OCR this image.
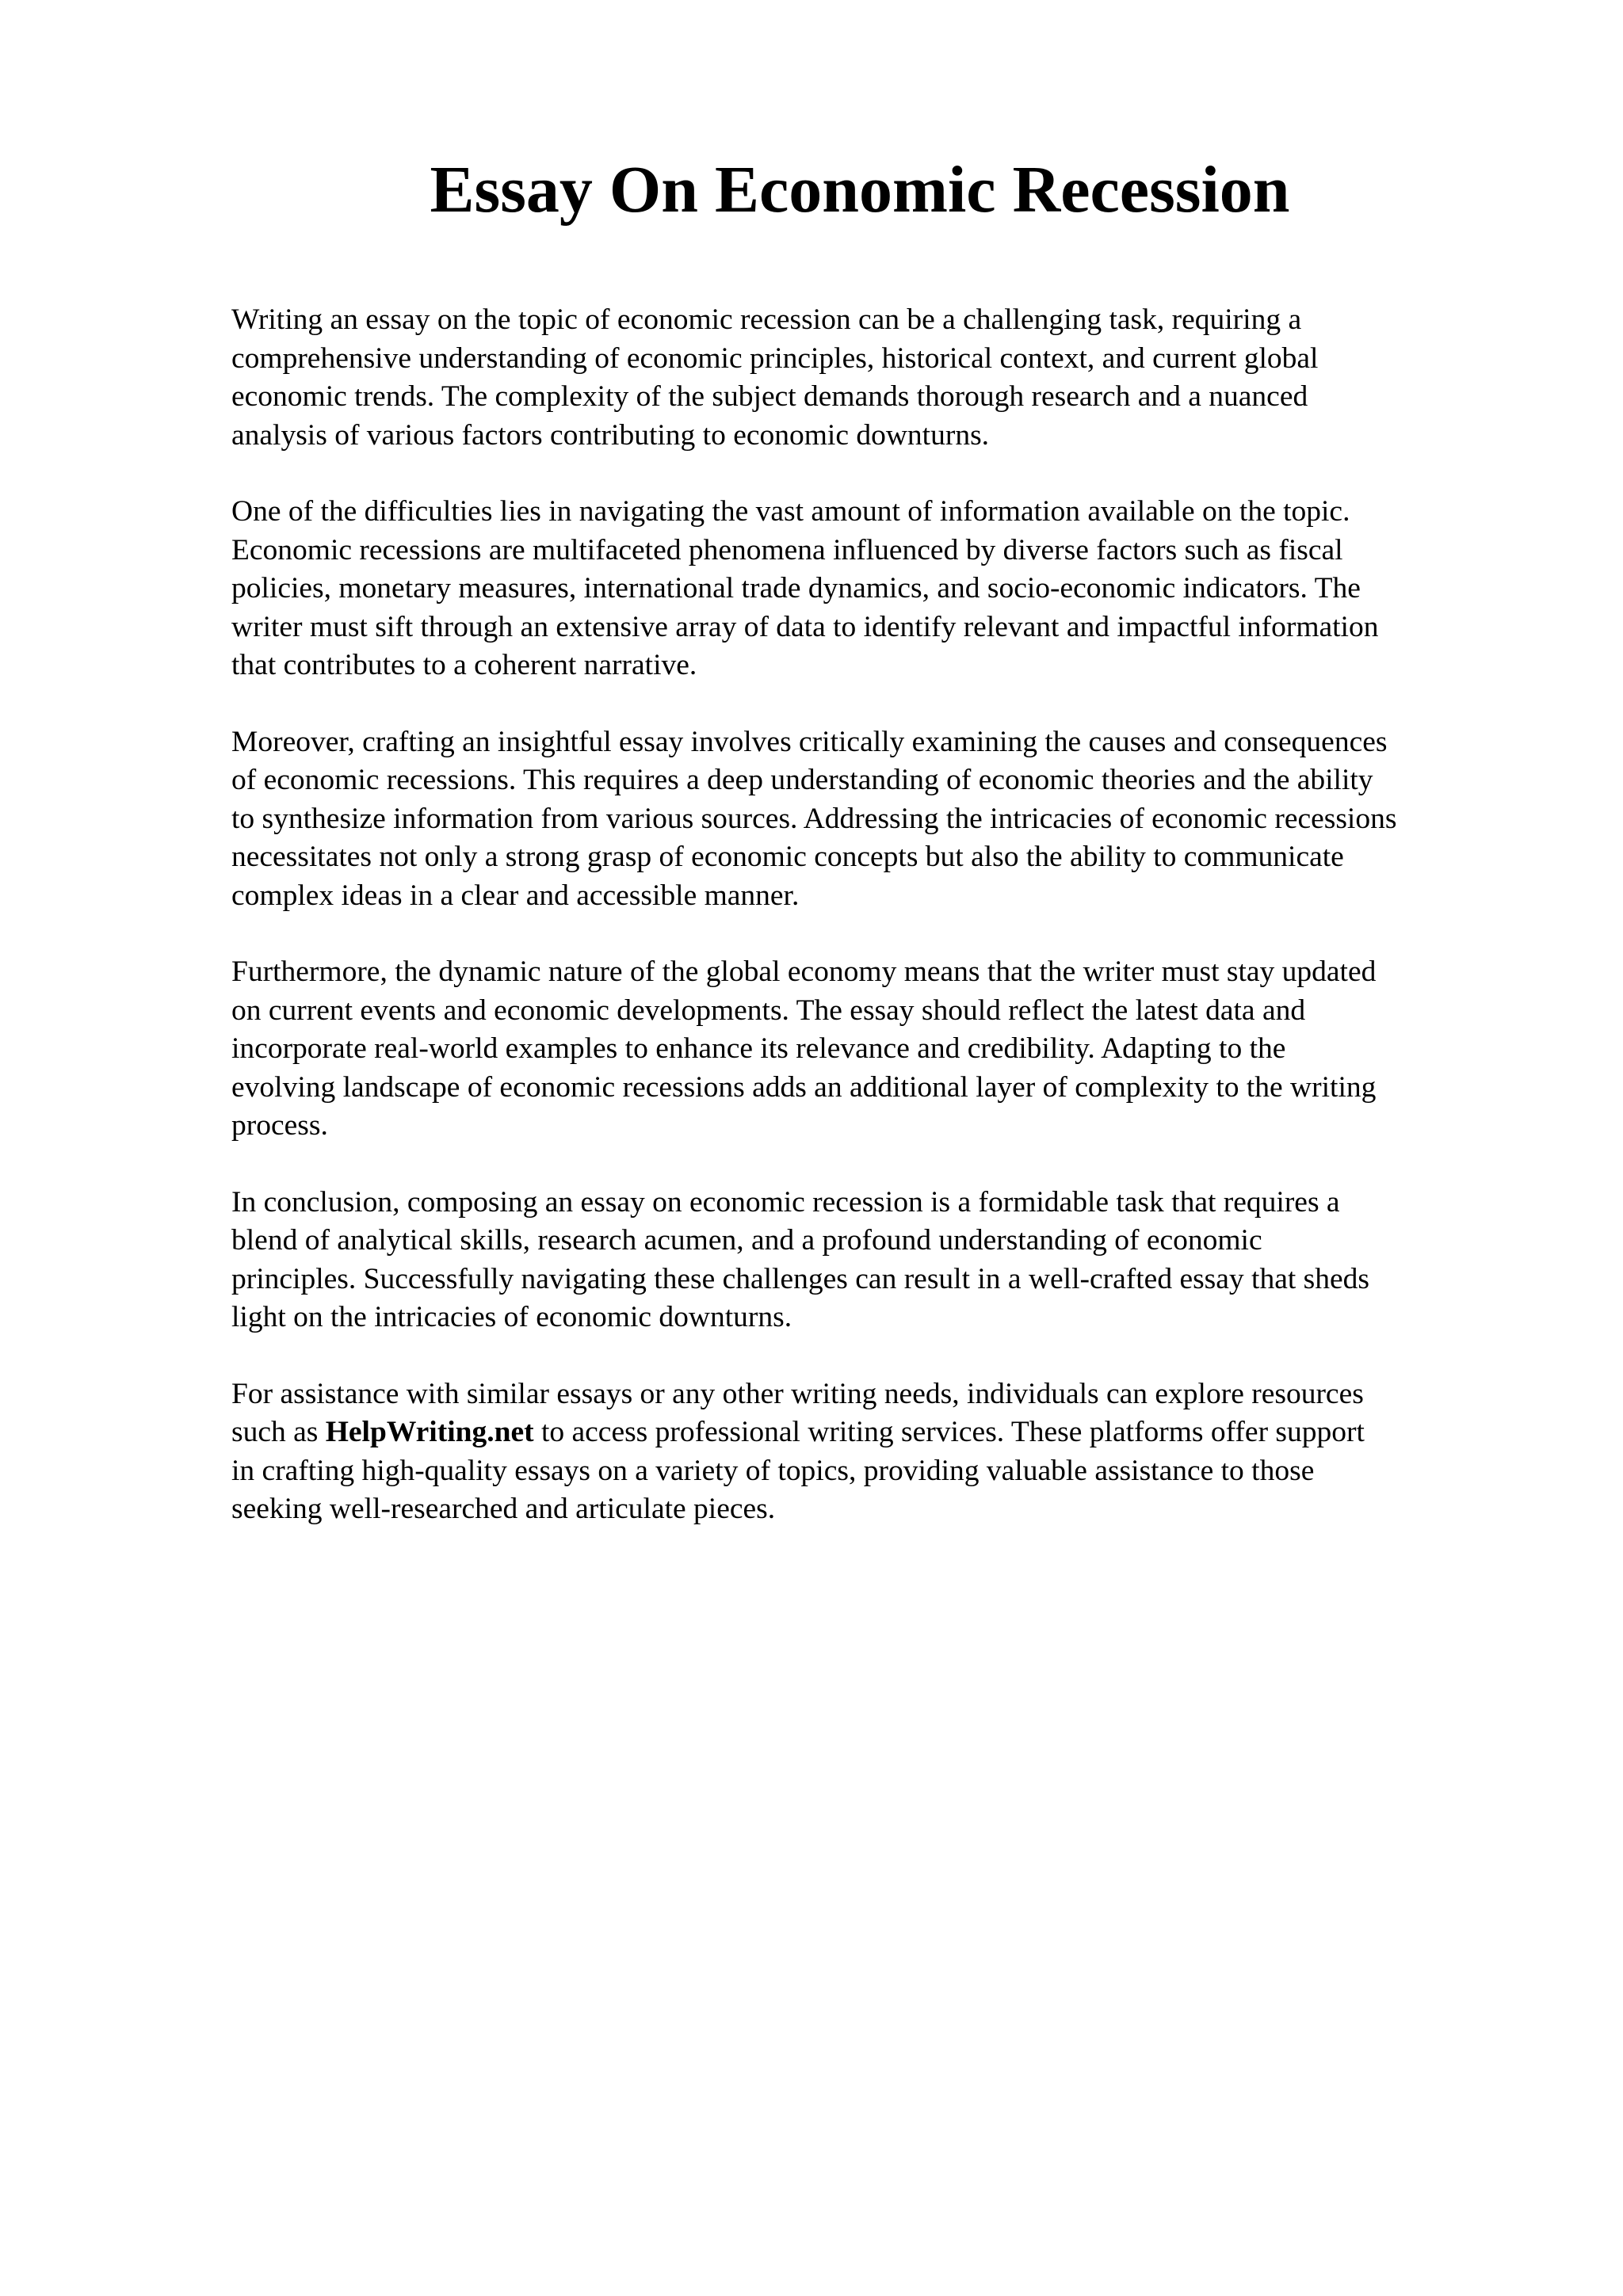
Essay On Economic Recession
Writing an essay on the topic of economic recession can be a challenging task, requiring a
comprehensive understanding of economic principles, historical context, and current global
economic trends. The complexity of the subject demands thorough research and a nuanced
analysis of various factors contributing to economic downturns.
One of the difficulties lies in navigating the vast amount of information available on the topic.
Economic recessions are multifaceted phenomena influenced by diverse factors such as fiscal
policies, monetary measures, international trade dynamics, and socio-economic indicators. The
writer must sift through an extensive array of data to identify relevant and impactful information
that contributes to a coherent narrative.
Moreover, crafting an insightful essay involves critically examining the causes and consequences
of economic recessions. This requires a deep understanding of economic theories and the ability
to synthesize information from various sources. Addressing the intricacies of economic recessions
necessitates not only a strong grasp of economic concepts but also the ability to communicate
complex ideas in a clear and accessible manner.
Furthermore, the dynamic nature of the global economy means that the writer must stay updated
on current events and economic developments. The essay should reflect the latest data and
incorporate real-world examples to enhance its relevance and credibility. Adapting to the
evolving landscape of economic recessions adds an additional layer of complexity to the writing
process.
In conclusion, composing an essay on economic recession is a formidable task that requires a
blend of analytical skills, research acumen, and a profound understanding of economic
principles. Successfully navigating these challenges can result in a well-crafted essay that sheds
light on the intricacies of economic downturns.
For assistance with similar essays or any other writing needs, individuals can explore resources
such as HelpWriting.net to access professional writing services. These platforms offer support
in crafting high-quality essays on a variety of topics, providing valuable assistance to those
seeking well-researched and articulate pieces.
